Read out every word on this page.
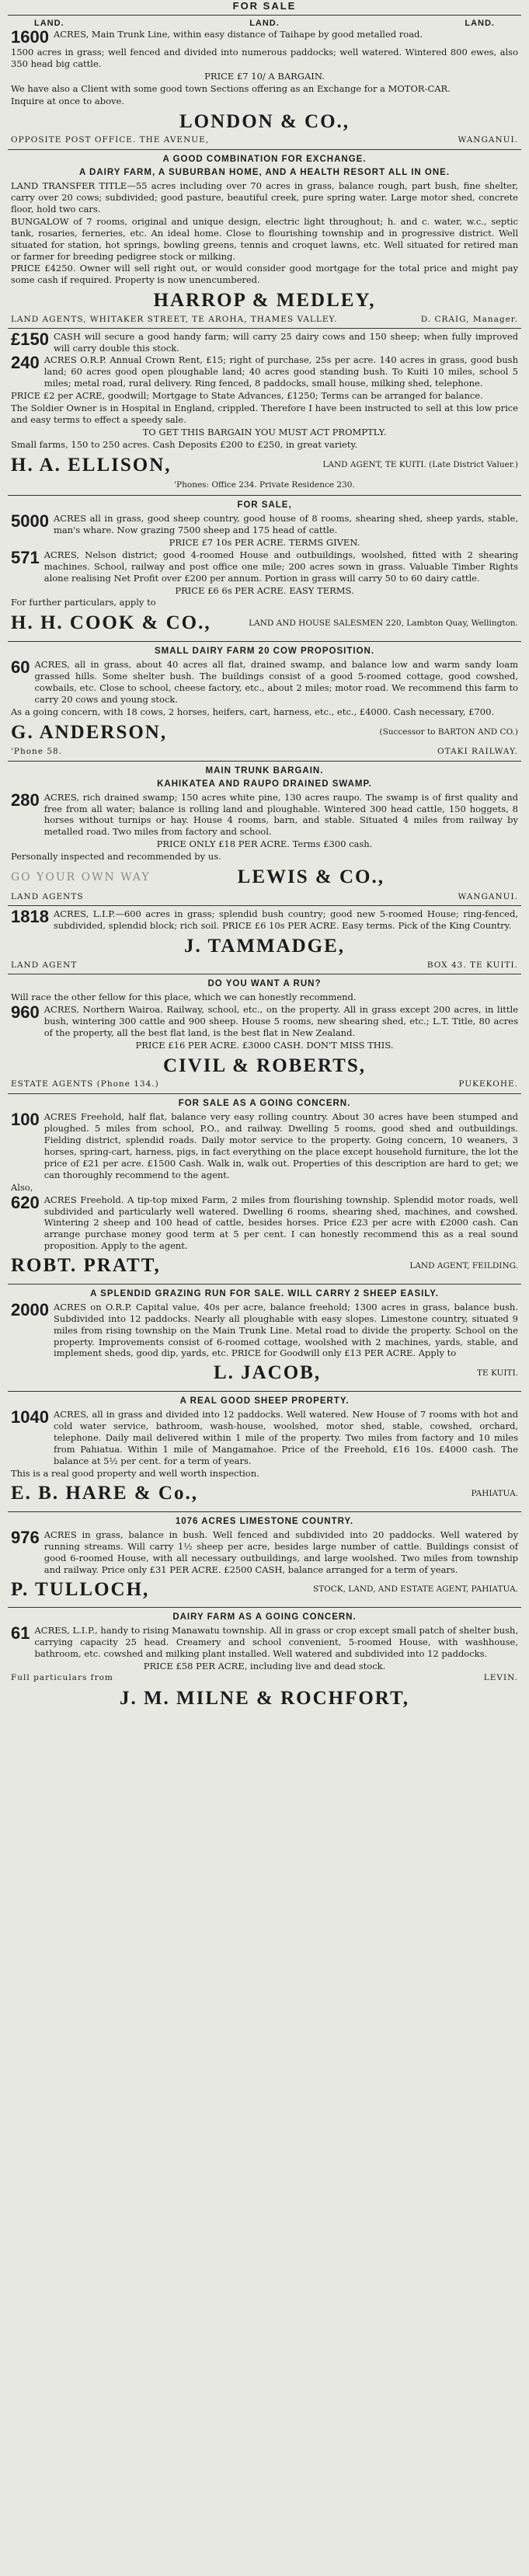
FOR SALE
LAND.	LAND.	LAND.
1600 ACRES, Main Trunk Line, within easy distance of Taihape by good metalled road.

1500 acres in grass; well fenced and divided into numerous paddocks; well watered. Wintered 800 ewes, also 350 head big cattle.

PRICE £7 10/ A BARGAIN.

We have also a Client with some good town Sections offering as an Exchange for a MOTOR-CAR.

Inquire at once to above.

LONDON & CO.,
OPPOSITE POST OFFICE. THE AVENUE,	WANGANUI.
A GOOD COMBINATION FOR EXCHANGE.
A DAIRY FARM, A SUBURBAN HOME, AND A HEALTH RESORT ALL IN ONE.

LAND TRANSFER TITLE—55 acres including over 70 acres in grass, balance rough, part bush, fine shelter, carry over 20 cows; subdivided; good pasture, beautiful creek, pure spring water. Large motor shed, concrete floor, hold two cars.

BUNGALOW of 7 rooms, original and unique design, electric light throughout; h. and c. water, w.c., septic tank, rosaries, ferneries, etc. An ideal home. Close to flourishing township and in progressive district. Well situated for station, hot springs, bowling greens, tennis and croquet lawns, etc. Well situated for retired man or farmer for breeding pedigree stock or milking.

PRICE £4250. Owner will sell right out, or would consider good mortgage for the total price and might pay some cash if required. Property is now unencumbered.

HARROP & MEDLEY,
LAND AGENTS, WHITAKER STREET, TE AROHA, THAMES VALLEY.	D. CRAIG, Manager.
£150 CASH will secure a good handy farm; will carry 25 dairy cows and 150 sheep; when fully improved will carry double this stock.
240 ACRES O.R.P. Annual Crown Rent, £15; right of purchase, 25s per acre. 140 acres in grass, good bush land; 60 acres good open ploughable land; 40 acres good standing bush. To Kuiti 10 miles, school 5 miles; metal road, rural delivery. Ring fenced, 8 paddocks, small house, milking shed, telephone.

PRICE £2 per ACRE, goodwill; Mortgage to State Advances, £1250; Terms can be arranged for balance.

The Soldier Owner is in Hospital in England, crippled. Therefore I have been instructed to sell at this low price and easy terms to effect a speedy sale.

TO GET THIS BARGAIN YOU MUST ACT PROMPTLY.

Small farms, 150 to 250 acres. Cash Deposits £200 to £250, in great variety.

H. A. ELLISON,	LAND AGENT, TE KUITI. (Late District Valuer.)

'Phones: Office 234. Private Residence 230.

FOR SALE,
5000 ACRES all in grass, good sheep country, good house of 8 rooms, shearing shed, sheep yards, stable, man's whare. Now grazing 7500 sheep and 175 head of cattle.

PRICE £7 10s PER ACRE. TERMS GIVEN.

571 ACRES, Nelson district; good 4-roomed House and outbuildings, woolshed, fitted with 2 shearing machines. School, railway and post office one mile; 200 acres sown in grass. Valuable Timber Rights alone realising Net Profit over £200 per annum. Portion in grass will carry 50 to 60 dairy cattle.

PRICE £6 6s PER ACRE. EASY TERMS.

For further particulars, apply to

H. H. COOK & CO.,	LAND AND HOUSE SALESMEN 220, Lambton Quay, Wellington.
SMALL DAIRY FARM 20 COW PROPOSITION.
60 ACRES, all in grass, about 40 acres all flat, drained swamp, and balance low and warm sandy loam grassed hills. Some shelter bush. The buildings consist of a good 5-roomed cottage, good cowshed, cowbails, etc. Close to school, cheese factory, etc., about 2 miles; motor road. We recommend this farm to carry 20 cows and young stock.

As a going concern, with 18 cows, 2 horses, heifers, cart, harness, etc., etc., £4000. Cash necessary, £700.

G. ANDERSON,	(Successor to BARTON AND CO.)
'Phone 58.	OTAKI RAILWAY.
MAIN TRUNK BARGAIN.
KAHIKATEA AND RAUPO DRAINED SWAMP.
280 ACRES, rich drained swamp; 150 acres white pine, 130 acres raupo. The swamp is of first quality and free from all water; balance is rolling land and ploughable. Wintered 300 head cattle, 150 hoggets, 8 horses without turnips or hay. House 4 rooms, barn, and stable. Situated 4 miles from railway by metalled road. Two miles from factory and school.

PRICE ONLY £18 PER ACRE. Terms £300 cash.

Personally inspected and recommended by us.

GO YOUR OWN WAY	LEWIS & CO.,
LAND AGENTS	WANGANUI.
1818 ACRES, L.I.P.—600 acres in grass; splendid bush country; good new 5-roomed House; ring-fenced, subdivided, splendid block; rich soil. PRICE £6 10s PER ACRE. Easy terms. Pick of the King Country.
J. TAMMADGE,
LAND AGENT	BOX 43. TE KUITI.
DO YOU WANT A RUN?

Will race the other fellow for this place, which we can honestly recommend.

960 ACRES, Northern Wairoa. Railway, school, etc., on the property. All in grass except 200 acres, in little bush, wintering 300 cattle and 900 sheep. House 5 rooms, new shearing shed, etc.; L.T. Title, 80 acres of the property, all the best flat land, is the best flat in New Zealand.

PRICE £16 PER ACRE. £3000 CASH. DON'T MISS THIS.

CIVIL & ROBERTS,
ESTATE AGENTS (Phone 134.)	PUKEKOHE.
FOR SALE AS A GOING CONCERN.
100 ACRES Freehold, half flat, balance very easy rolling country. About 30 acres have been stumped and ploughed. 5 miles from school, P.O., and railway. Dwelling 5 rooms, good shed and outbuildings. Fielding district, splendid roads. Daily motor service to the property. Going concern, 10 weaners, 3 horses, spring-cart, harness, pigs, in fact everything on the place except household furniture, the lot the price of £21 per acre. £1500 Cash. Walk in, walk out. Properties of this description are hard to get; we can thoroughly recommend to the agent.

Also,

620 ACRES Freehold. A tip-top mixed Farm, 2 miles from flourishing township. Splendid motor roads, well subdivided and particularly well watered. Dwelling 6 rooms, shearing shed, machines, and cowshed. Wintering 2 sheep and 100 head of cattle, besides horses. Price £23 per acre with £2000 cash. Can arrange purchase money good term at 5 per cent. I can honestly recommend this as a real sound proposition. Apply to the agent.
ROBT. PRATT,	LAND AGENT, FEILDING.
A SPLENDID GRAZING RUN FOR SALE. WILL CARRY 2 SHEEP EASILY.
2000 ACRES on O.R.P. Capital value, 40s per acre, balance freehold; 1300 acres in grass, balance bush. Subdivided into 12 paddocks. Nearly all ploughable with easy slopes. Limestone country, situated 9 miles from rising township on the Main Trunk Line. Metal road to divide the property. School on the property. Improvements consist of 6-roomed cottage, woolshed with 2 machines, yards, stable, and implement sheds, good dip, yards, etc. PRICE for Goodwill only £13 PER ACRE. Apply to
L. JACOB,	TE KUITI.
A REAL GOOD SHEEP PROPERTY.
1040 ACRES, all in grass and divided into 12 paddocks. Well watered. New House of 7 rooms with hot and cold water service, bathroom, wash-house, woolshed, motor shed, stable, cowshed, orchard, telephone. Daily mail delivered within 1 mile of the property. Two miles from factory and 10 miles from Pahiatua. Within 1 mile of Mangamahoe. Price of the Freehold, £16 10s. £4000 cash. The balance at 5½ per cent. for a term of years.

This is a real good property and well worth inspection.

E. B. HARE & Co.,	PAHIATUA.
1076 ACRES LIMESTONE COUNTRY.
976 ACRES in grass, balance in bush. Well fenced and subdivided into 20 paddocks. Well watered by running streams. Will carry 1½ sheep per acre, besides large number of cattle. Buildings consist of good 6-roomed House, with all necessary outbuildings, and large woolshed. Two miles from township and railway. Price only £31 PER ACRE. £2500 CASH, balance arranged for a term of years.
P. TULLOCH,	STOCK, LAND, AND ESTATE AGENT, PAHIATUA.
DAIRY FARM AS A GOING CONCERN.
61 ACRES, L.I.P., handy to rising Manawatu township. All in grass or crop except small patch of shelter bush, carrying capacity 25 head. Creamery and school convenient, 5-roomed House, with washhouse, bathroom, etc. cowshed and milking plant installed. Well watered and subdivided into 12 paddocks.

PRICE £58 PER ACRE, including live and dead stock.

Full particulars from	LEVIN.
J. M. MILNE & ROCHFORT,
